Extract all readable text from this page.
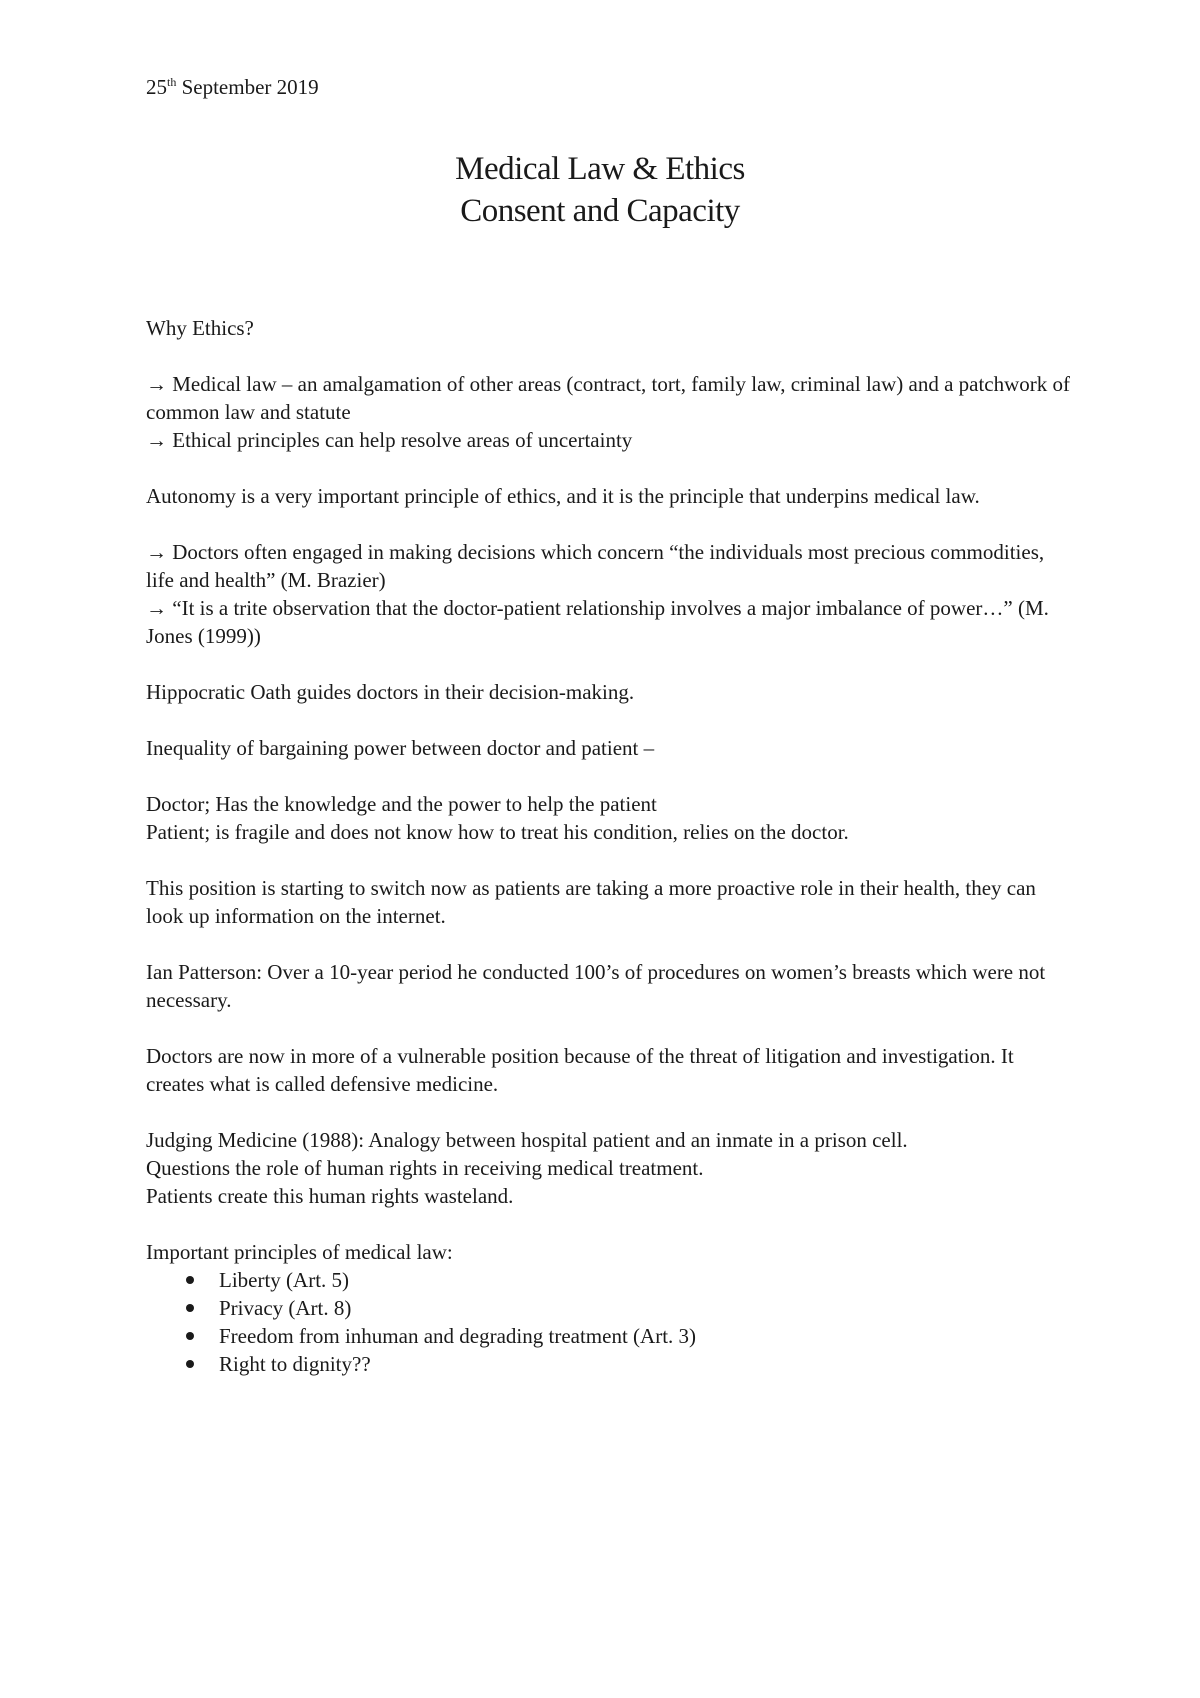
25th September 2019
Medical Law & Ethics
Consent and Capacity

Why Ethics?

→ Medical law – an amalgamation of other areas (contract, tort, family law, criminal law) and a patchwork of common law and statute

→ Ethical principles can help resolve areas of uncertainty

Autonomy is a very important principle of ethics, and it is the principle that underpins medical law.

→ Doctors often engaged in making decisions which concern “the individuals most precious commodities, life and health” (M. Brazier)

→ “It is a trite observation that the doctor-patient relationship involves a major imbalance of power…” (M. Jones (1999))

Hippocratic Oath guides doctors in their decision-making.

Inequality of bargaining power between doctor and patient –

Doctor; Has the knowledge and the power to help the patient

Patient; is fragile and does not know how to treat his condition, relies on the doctor.

This position is starting to switch now as patients are taking a more proactive role in their health, they can look up information on the internet.

Ian Patterson: Over a 10-year period he conducted 100’s of procedures on women’s breasts which were not necessary.

Doctors are now in more of a vulnerable position because of the threat of litigation and investigation. It creates what is called defensive medicine.

Judging Medicine (1988): Analogy between hospital patient and an inmate in a prison cell.

Questions the role of human rights in receiving medical treatment.

Patients create this human rights wasteland.

Important principles of medical law:

Liberty (Art. 5)
Privacy (Art. 8)
Freedom from inhuman and degrading treatment (Art. 3)
Right to dignity??
